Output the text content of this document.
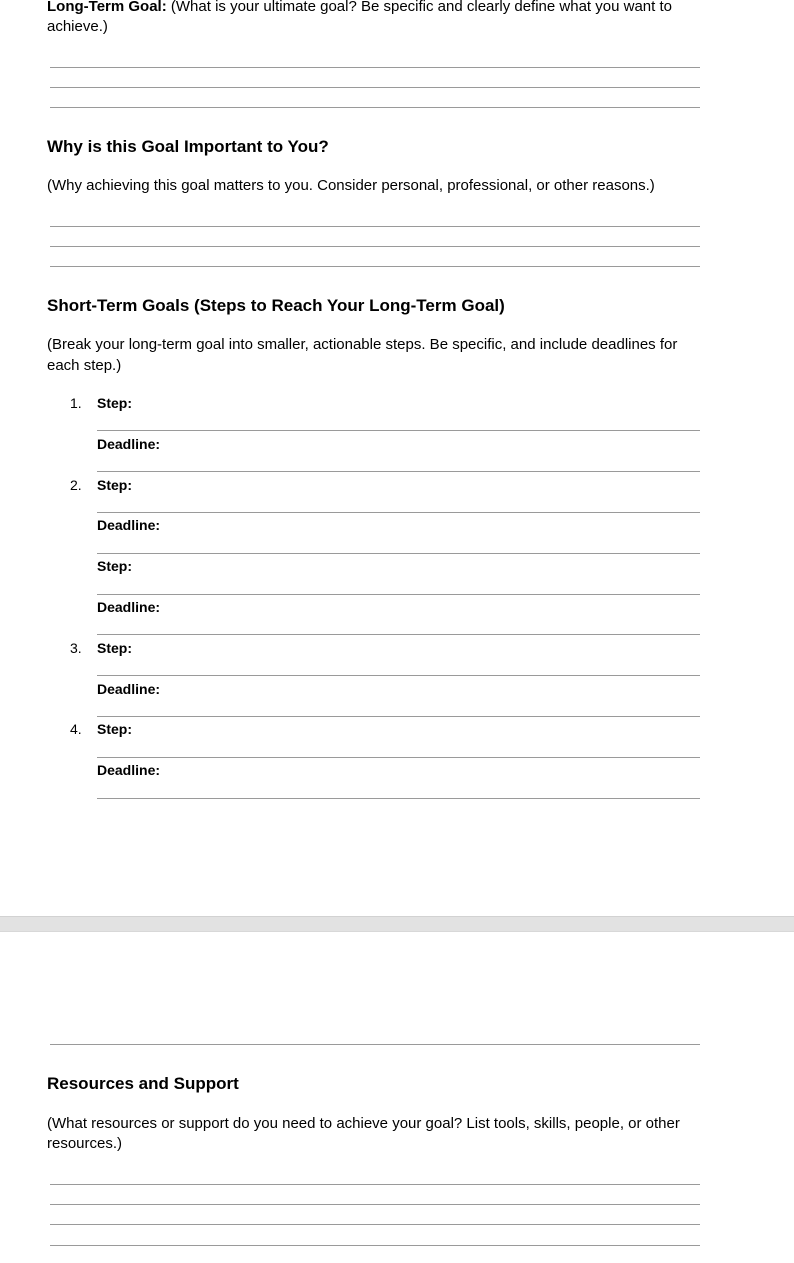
Long-Term Goal: (What is your ultimate goal? Be specific and clearly define what you want to

achieve.)

Why is this Goal Important to You?

(Why achieving this goal matters to you. Consider personal, professional, or other reasons.)

Short-Term Goals (Steps to Reach Your Long-Term Goal)

(Break your long-term goal into smaller, actionable steps. Be specific, and include deadlines for

each step.)

1. Step:
Deadline:
2. Step:
Deadline:
Step:
Deadline:
3. Step:
Deadline:
4. Step:
Deadline:
Resources and Support

(What resources or support do you need to achieve your goal? List tools, skills, people, or other

resources.)
